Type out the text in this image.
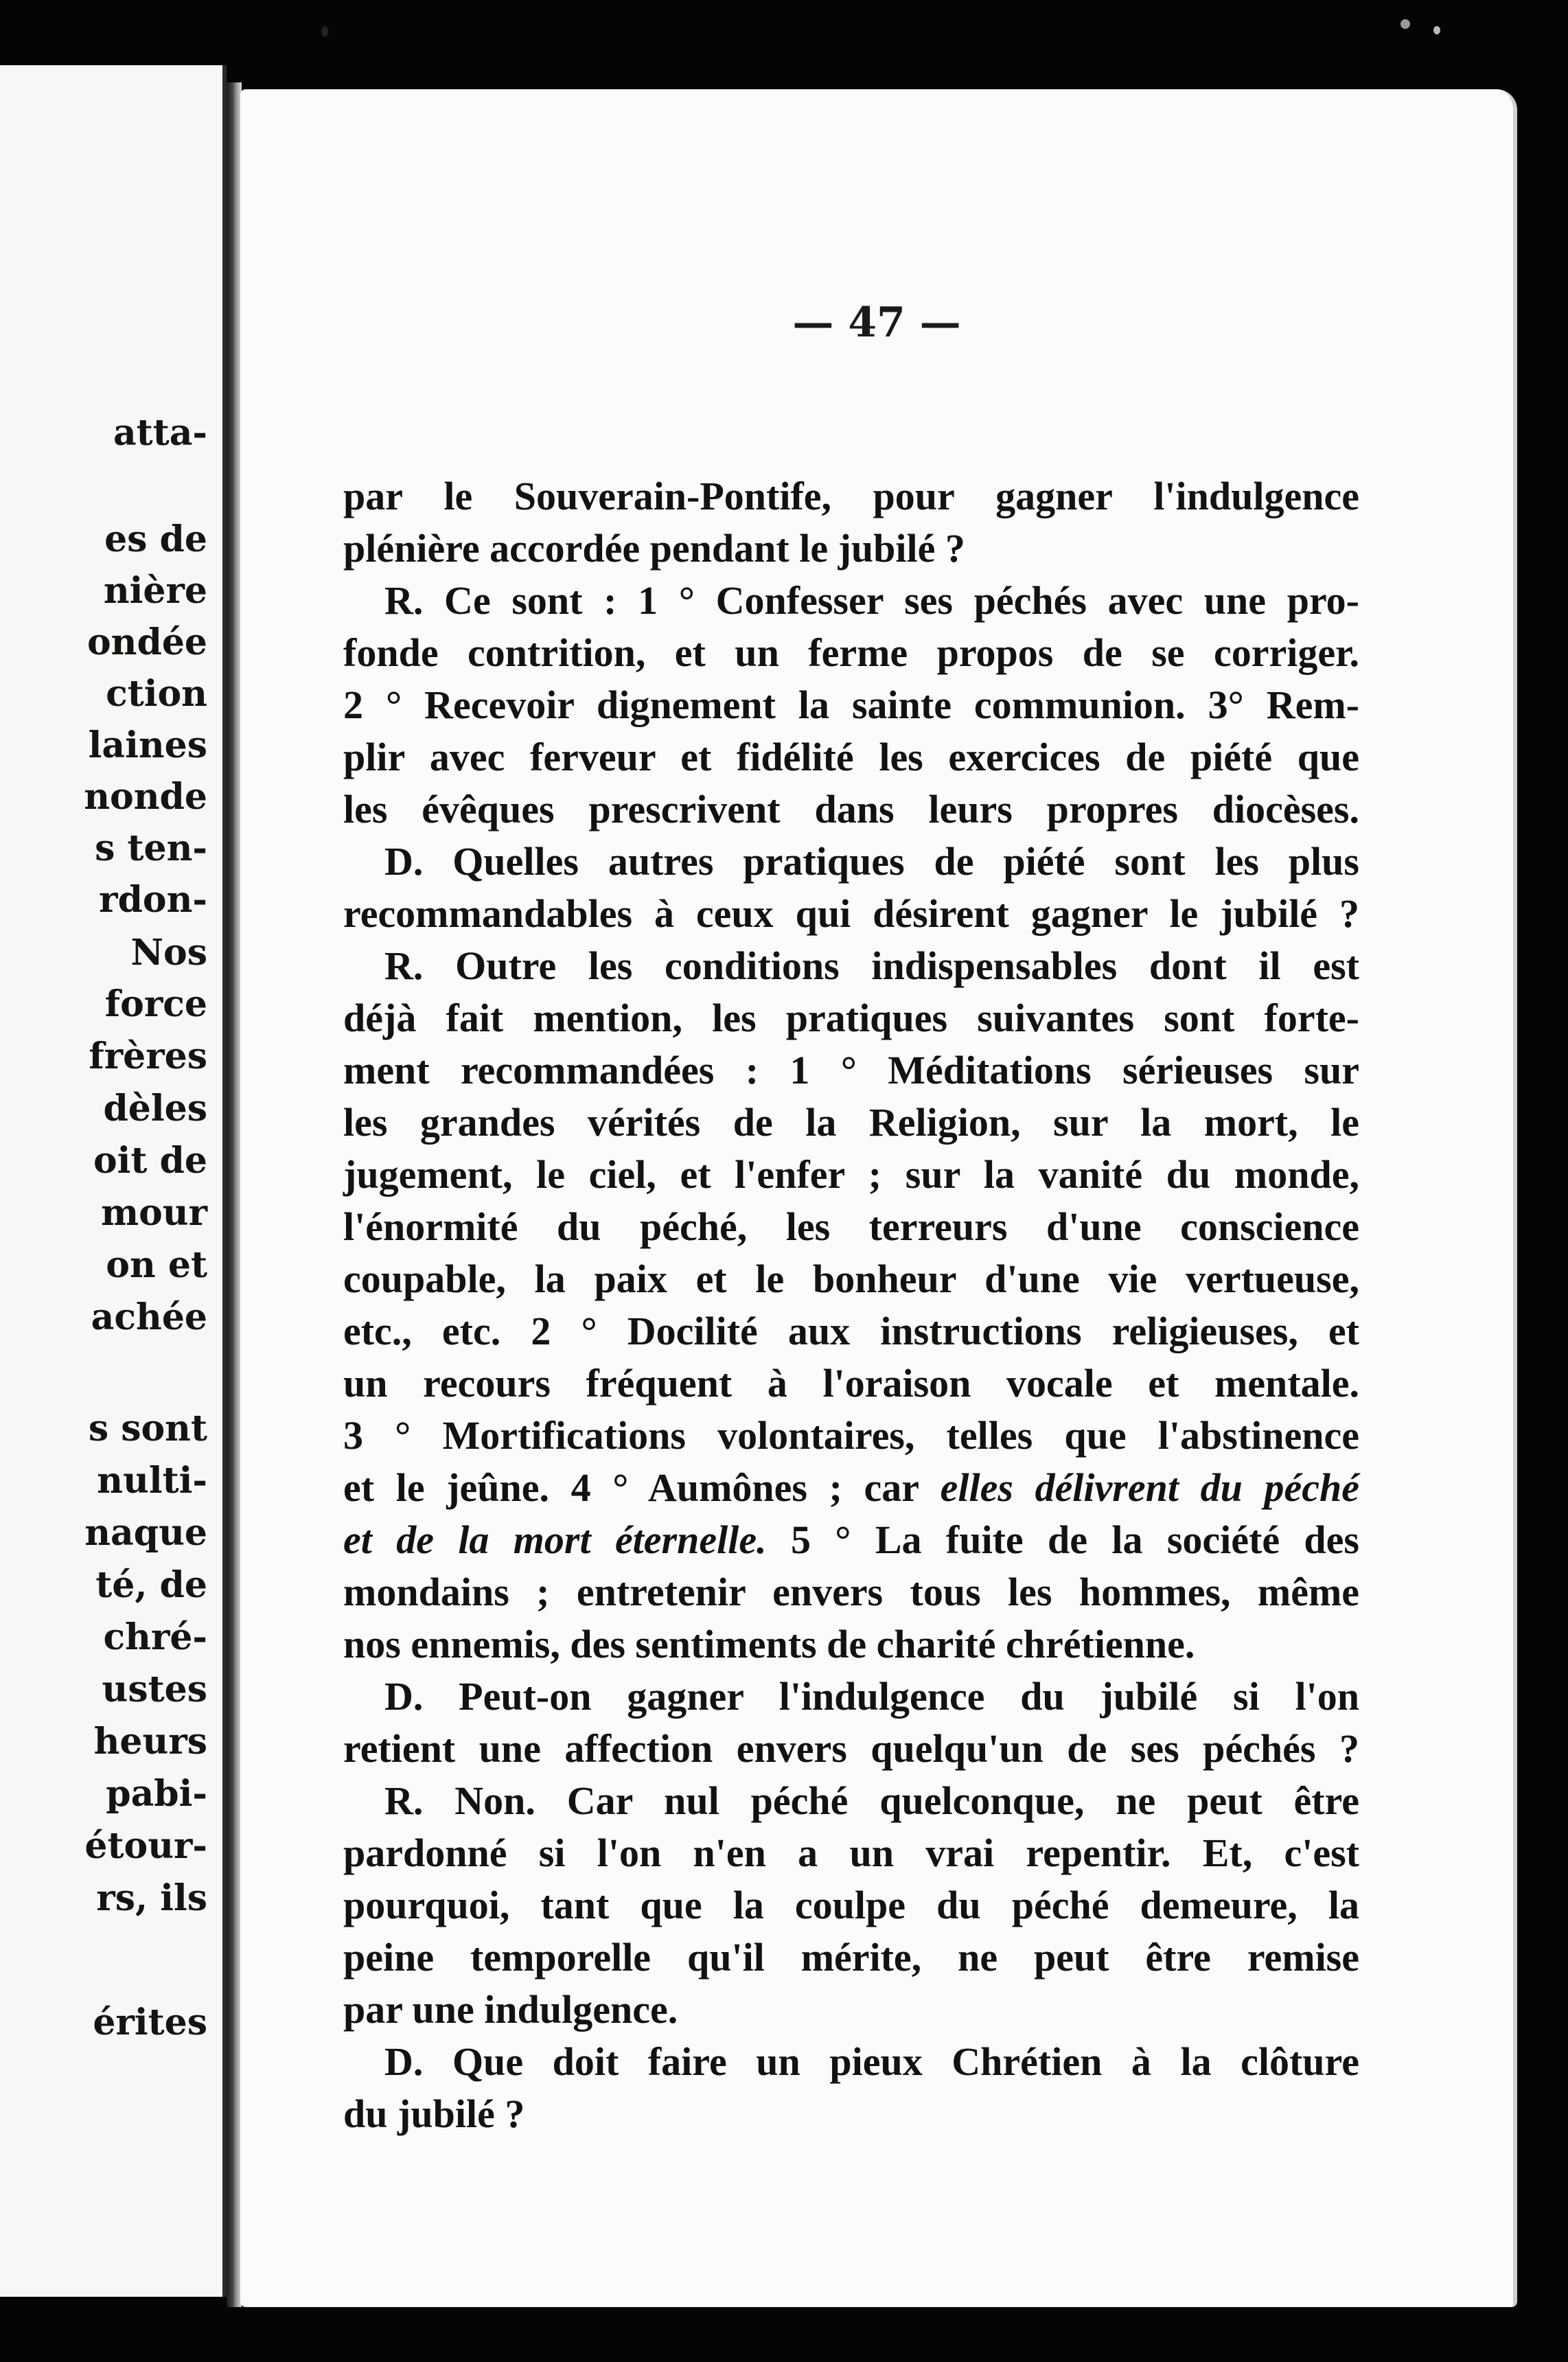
atta-

es de

nière

ondée

ction

laines

nonde

s ten-

rdon-

Nos

force

frères

dèles

oit de

mour

on et

achée

s sont

nulti-

naque

té, de

chré-

ustes

heurs

pabi-

étour-

rs, ils

érites

— 47 —

par le Souverain-Pontife, pour gagner l'indulgence

plénière accordée pendant le jubilé ?

R. Ce sont : 1 ° Confesser ses péchés avec une pro-

fonde contrition, et un ferme propos de se corriger.

2 ° Recevoir dignement la sainte communion. 3° Rem-

plir avec ferveur et fidélité les exercices de piété que

les évêques prescrivent dans leurs propres diocèses.

D. Quelles autres pratiques de piété sont les plus

recommandables à ceux qui désirent gagner le jubilé ?

R. Outre les conditions indispensables dont il est

déjà fait mention, les pratiques suivantes sont forte-

ment recommandées : 1 ° Méditations sérieuses sur

les grandes vérités de la Religion, sur la mort, le

jugement, le ciel, et l'enfer ; sur la vanité du monde,

l'énormité du péché, les terreurs d'une conscience

coupable, la paix et le bonheur d'une vie vertueuse,

etc., etc. 2 ° Docilité aux instructions religieuses, et

un recours fréquent à l'oraison vocale et mentale.

3 ° Mortifications volontaires, telles que l'abstinence

et le jeûne. 4 ° Aumônes ; car elles délivrent du péché

et de la mort éternelle. 5 ° La fuite de la société des

mondains ; entretenir envers tous les hommes, même

nos ennemis, des sentiments de charité chrétienne.

D. Peut-on gagner l'indulgence du jubilé si l'on

retient une affection envers quelqu'un de ses péchés ?

R. Non. Car nul péché quelconque, ne peut être

pardonné si l'on n'en a un vrai repentir. Et, c'est

pourquoi, tant que la coulpe du péché demeure, la

peine temporelle qu'il mérite, ne peut être remise

par une indulgence.

D. Que doit faire un pieux Chrétien à la clôture

du jubilé ?
